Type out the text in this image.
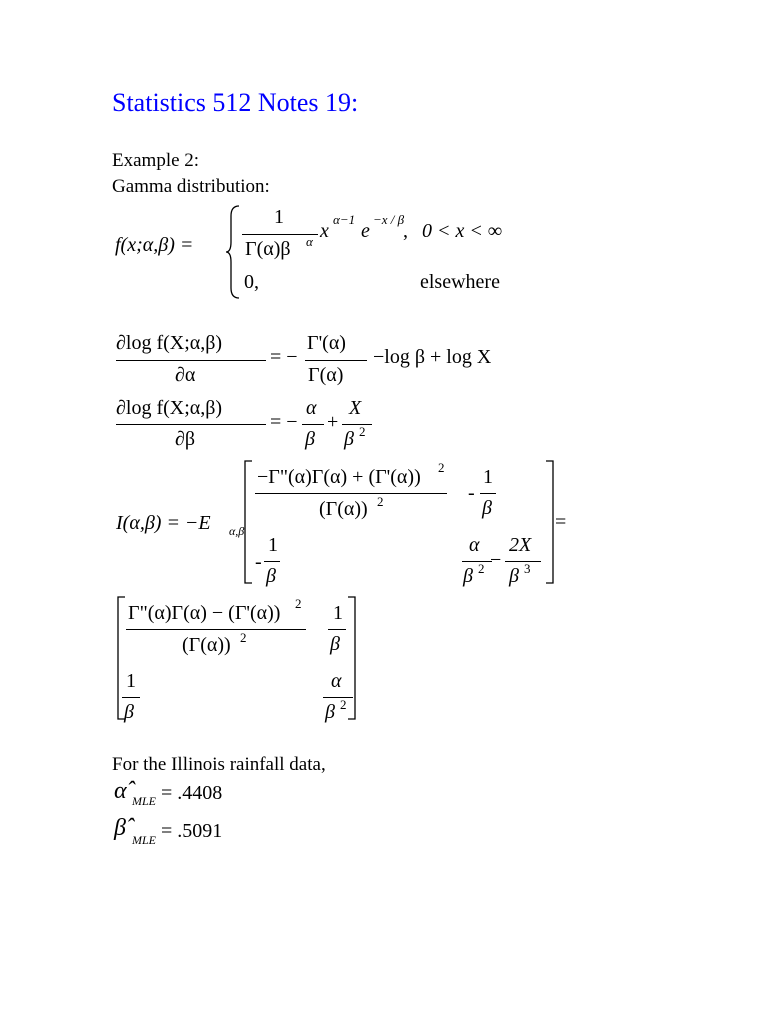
Statistics 512 Notes 19:
Example 2:
Gamma distribution:
f(x;α,β) =
1
Γ(α)β α x
α−1
e
−x / β
, 0 < x < ∞
0,	elsewhere
∂log f(X;α,β)
∂α
= −
Γ'(α)
Γ(α)
−log β + log X
∂log f(X;α,β)
∂β
= −
α
β
+
X
β 2
I(α,β) = −E α,β
−Γ"(α)Γ(α) + (Γ'(α)) 2
(Γ(α)) 2	-
1
β
-
1
β
α
β 2 −
2X
β 3
=
Γ"(α)Γ(α) − (Γ'(α)) 2
(Γ(α)) 2
1
β
1
β
α
β 2
For the Illinois rainfall data,
α̂ MLE = .4408
β̂ MLE = .5091
